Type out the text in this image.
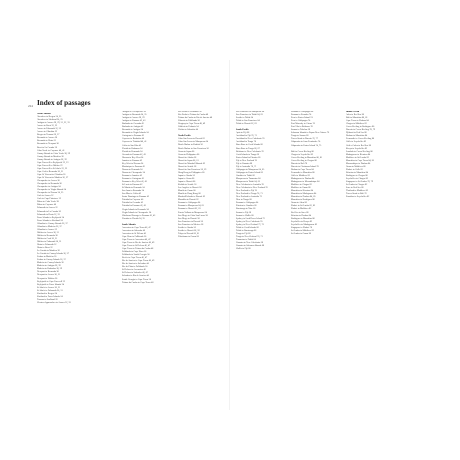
224 Index of passages
North Atlantic
Aberdeen to Bergen 24, 25
Aberdeen to Shetland 24, 25
Antigua to Azores 28, 29, 31, 32, 33
Azores to Brest 32, 33
Azores to Falmouth 32, 33
Azores to Gibraltar 32
Bergen to Tromsø 26, 27
Bermuda to Azores 30
Bermuda to Horta 31
Bermuda to Newport 30
Brest to La Coruña 36
Cabo Verde to Cayenne 40, 41
Canary Islands to Cabo Verde 38, 39
Canary Islands to Madeira 36
Canary Islands to Antigua 38, 39
Cape Farewell to Reykjavik 22, 23
Cape Farewell to Halifax 22
Cape Farewell to St John's 22, 23
Cape Cod to Bermuda 30, 31
Cape St Vincent to Gibraltar 36
Cape St Vincent to Madeira 36, 37
Chesapeake to Azores 30
Chesapeake to Bermuda 30
Chesapeake to Antigua 34
Chesapeake to Virgin Islands 34
Chesapeake to Nassau 34, 35
Cork to Azores 32
Cork to Cape Finisterre 32
Dakar to Cabo Verde 38
Dakar to Cayenne 40
Falmouth to Azores 32
Falmouth to La Coruña 36
Falmouth to Horta 32, 33
Faroe Islands to Reykjavik 24
Faroe Islands to Shetland 24
Gibraltar to Canary Islands 36, 37
Gibraltar to Madeira 36, 37
Gibraltar to Azores 32
Halifax to Azores 30, 31
Halifax to Bermuda 30
Halifax to Cork 30, 31
Halifax to Falmouth 30, 31
Horta to Falmouth 32
Horta to Brest 32
La Coruña to Madeira 36
La Coruña to Canary Islands 36, 37
Lisbon to Madeira 36
Lisbon to Canary Islands 36, 37
Madeira to Canary Islands 36
Madeira to Antigua 38, 39
Madeira to Barbados 38, 39
Newport to Bermuda 30
Newport to Azores 30, 31
Newport to Halifax 30
Reykjavik to Cape Farewell 22
Reykjavik to Faroe Islands 24
St John's to Azores 30, 31
St John's to Falmouth 30, 31
Shetland to Bergen 24
Shetland to Faroe Islands 24
Tromsø to Svalbard 26
Western Approaches to Azores 32, 33
Antigua to Chesapeake 34
Antigua to Bermuda 34, 35
Antigua to Azores 28, 29
Antigua to Panama 42, 43
Barbados to Grenada 42
Barbados to Antigua 42
Bermuda to Antigua 34
Bermuda to Virgin Islands 34
Cartagena to Panama 42
Cayenne to Barbados 40
Cayenne to Trinidad 40, 41
Colón to San Blas 42
Florida to Bahamas 34
Florida to Bermuda 34
Grenada to Panama 42, 43
Havana to Key West 34
Jamaica to Panama 42
Key West to Havana 34
Martinique to Panama 42
Nassau to Bermuda 34
Nassau to Chesapeake 34
Panama to Jamaica 42
Panama to Cartagena 42
Panama to Key West 42, 43
St Lucia to Panama 42
St Martin to Bermuda 34
San Juan to Bermuda 34
San Blas to Colón 42
Santo Domingo to Panama 42
Trinidad to Cayenne 40
Trinidad to Grenada 42
Trinidad to Panama 42, 43
Virgin Islands to Bermuda 34
Virgin Islands to Chesapeake 34
Windward Passage to Panama 42, 43
Yucatán to Florida 34, 35
South Atlantic
Ascension to Cape Town 46, 47
Ascension to Salvador 46
Ascension to St Helena 46
Cape Horn to Falklands 50
Cape Town to Ascension 46, 47
Cape Town to Rio de Janeiro 48, 49
Cape Town to St Helena 46, 47
Cape Town to Tristan da Cunha 48
Falklands to Cape Horn 50
Falklands to South Georgia 50
Recife to Cape Town 46, 47
Rio de Janeiro to Cape Town 48, 49
Rio de Janeiro to Salvador 44
Rio de Plata to Falklands 50
St Helena to Ascension 46
St Helena to Salvador 46, 47
Salvador to Rio de Janeiro 44
South Georgia to Cape Town 50
Tristan da Cunha to Cape Town 48
São Paulo to Falklands 50
São Paulo to Tristan da Cunha 48
Tristan da Cunha to Rio de Janeiro 48
Ushuaia to Falklands 50
Uruguay to Cape Town 48, 49
Valdivia to Ushuaia 54
Vitória to Salvador 44
North Pacific
Cabo San Lucas to Hawaii 62
Cabo San Lucas to Marquesas 64
Dutch Harbor to Kodiak 56
Dutch Harbor to San Francisco 56
Guam to Japan 60
Guam to Philippines 60
Hawaii to Alaska 58
Hawaii to Japan 60, 61
Hawaii to Marshall Islands 62
Hawaii to Seattle 58
Hawaii to San Francisco 58, 59
Hong Kong to Philippines 60
Japan to Alaska 56
Japan to Guam 60
Japan to Hawaii 60
Kodiak to Seattle 56
Los Angeles to Hawaii 58
Manila to Guam 60
Manila to Hong Kong 60
Marshall Islands to Hawaii 62
Mazatlán to Hawaii 62
Panama to Galápagos 64
Panama to Marquesas 64, 65
Panama to Hawaii 62, 63
Puerto Vallarta to Marquesas 64
San Diego to Cabo San Lucas 58
San Diego to Hawaii 58
San Francisco to Hawaii 58
San Francisco to Mexico 58
Seattle to Alaska 56
Seattle to Hawaii 58, 59
Tokyo to Hawaii 60, 61
Yokohama to Guam 60
San Francisco to Marquesas 64
San Francisco to Tahiti 64, 65
Seattle to Tahiti 64
Tahiti to San Francisco 64
Tahiti to Hawaii 62, 63
South Pacific
Apia to Fiji 68
Auckland to Fiji 70, 71
Auckland to New Caledonia 70
Auckland to Tonga 70
Bora Bora to Cook Islands 66
Bora Bora to Tonga 66, 67
Brisbane to New Caledonia 70
Cook Islands to Tonga 66
Easter Island to Pitcairn 66
Fiji to New Zealand 70
Fiji to Vanuatu 68
Fiji to Australia 70, 71
Galápagos to Marquesas 64, 65
Galápagos to Easter Island 66
Gambier to Tahiti 66
Marquesas to Tuamotus 64
Marquesas to Tahiti 64, 65
New Caledonia to Australia 70
New Caledonia to New Zealand 70
New Zealand to Fiji 70
New Zealand to Tonga 70, 71
New Zealand to Australia 72
Niue to Tonga 68
Panama to Galápagos 64
Pitcairn to Gambier 66
Rarotonga to Niue 66
Samoa to Fiji 68
Samoa to Wallis 68
Sydney to Lord Howe Island 72
Sydney to New Caledonia 70
Sydney to New Zealand 72, 73
Tahiti to Cook Islands 66
Tahiti to Rarotonga 66
Tonga to Fiji 68
Tonga to New Zealand 70, 71
Tuamotus to Tahiti 64
Vanuatu to New Caledonia 68
Vanuatu to Solomon Islands 68
Wallis to Fiji 68
Panama to Galápagos 64
Panama to Ecuador 74
Peru to Easter Island 74
Peru to Galápagos 74
Port Moresby to Cairns 76
Port Vila to Brisbane 70
Samoa to Tokelau 68
Solomon Islands to Papua New Guinea 76
Tonga to Samoa 68
Torres Strait to Darwin 76, 77
Valparaíso to Juan Fernández 74
Valparaíso to Easter Island 74, 75
Bali to Cocos Keeling 80
Chagos to Seychelles 82
Cocos Keeling to Mauritius 80, 81
Cocos Keeling to Chagos 80
Darwin to Bali 78
Darwin to Christmas Island 78
Durban to Cape Town 84
Fremantle to Mauritius 80
Galle to Maldives 82
Madagascar to Durban 84
Madagascar to Mozambique 84
Maldives to Chagos 82
Maldives to Oman 86
Mauritius to Réunion 84
Mauritius to Madagascar 84
Mauritius to Durban 84, 85
Mauritius to Rodrigues 80
Oman to Aden 86
Phuket to Sri Lanka 82, 83
Phuket to Maldives 82
Red Sea to Suez 86
Réunion to Durban 84
Rodrigues to Mauritius 80
Seychelles to Kenya 82
Seychelles to Madagascar 82
Singapore to Phuket 78
Sri Lanka to Maldives 82
Sri Lanka to Oman 86
Indian Ocean
Aden to Red Sea 86
Bali to Mauritius 80, 81
Cape Town to Durban 84
Chagos to Maldives 82
Cocos Keeling to Rodrigues 80
Darwin to Cocos Keeling 78, 79
Djibouti to Red Sea 86
Durban to Mauritius 84
Fremantle to Cocos Keeling 80
Galle to Seychelles 82
Gulf of Aden to Red Sea 86
Kenya to Seychelles 82
Lombok to Cocos Keeling 80
Madagascar to Réunion 84
Maldives to Sri Lanka 82
Mauritius to Cape Town 84, 85
Mozambique to Durban 84
Oman to Maldives 86
Phuket to Galle 82
Réunion to Mauritius 84
Rodrigues to Chagos 80
Seychelles to Chagos 82
Singapore to Sri Lanka 78, 79
Sri Lanka to Chagos 82
Suez to Red Sea 86
Thailand to Maldives 82
Torres Strait to Bali 76
Zanzibar to Seychelles 82
